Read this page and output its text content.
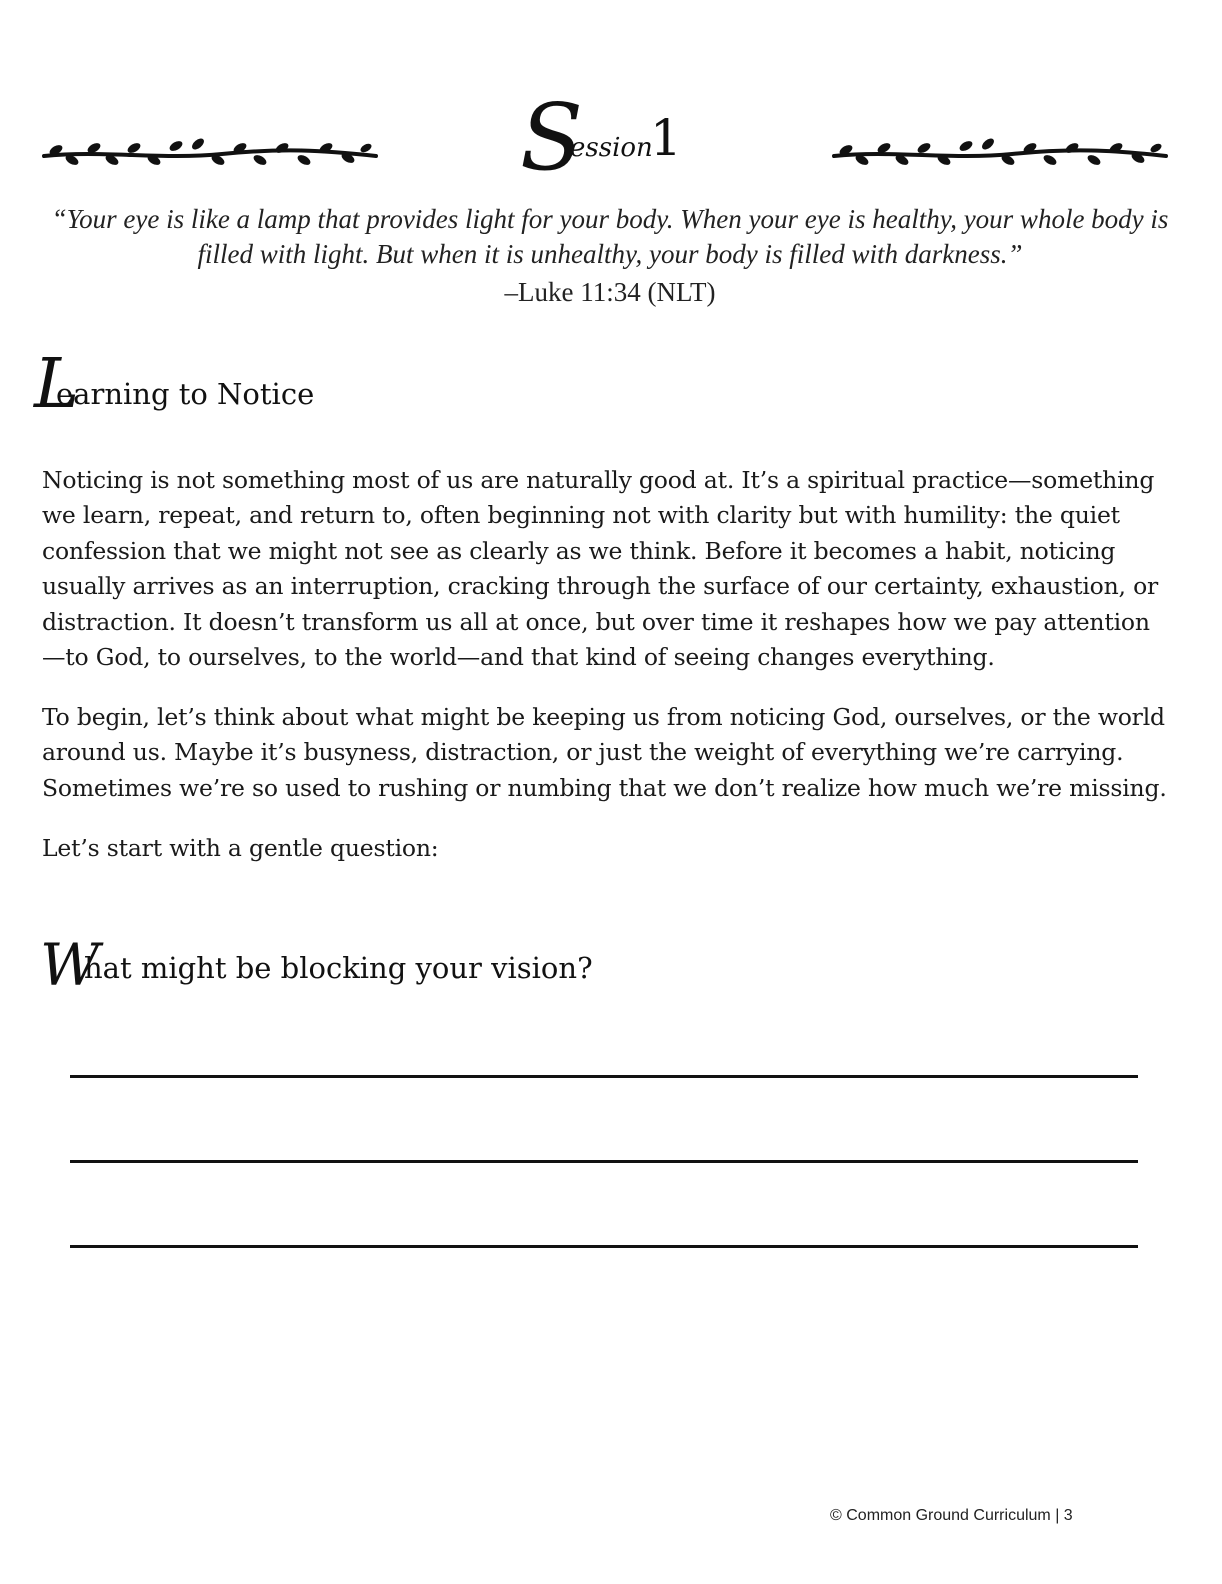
S
ession
1
“Your eye is like a lamp that provides light for your body. When your eye is healthy, your whole body is filled with light. But when it is unhealthy, your body is filled with darkness.”
–Luke 11:34 (NLT)
L
earning to Notice

Noticing is not something most of us are naturally good at. It’s a spiritual practice—something we learn, repeat, and return to, often beginning not with clarity but with humility: the quiet confession that we might not see as clearly as we think. Before it becomes a habit, noticing usually arrives as an interruption, cracking through the surface of our certainty, exhaustion, or distraction. It doesn’t transform us all at once, but over time it reshapes how we pay attention—to God, to ourselves, to the world—and that kind of seeing changes everything.

To begin, let’s think about what might be keeping us from noticing God, ourselves, or the world around us. Maybe it’s busyness, distraction, or just the weight of everything we’re carrying. Sometimes we’re so used to rushing or numbing that we don’t realize how much we’re missing.

Let’s start with a gentle question:

W
hat might be blocking your vision?
© Common Ground Curriculum | 3
